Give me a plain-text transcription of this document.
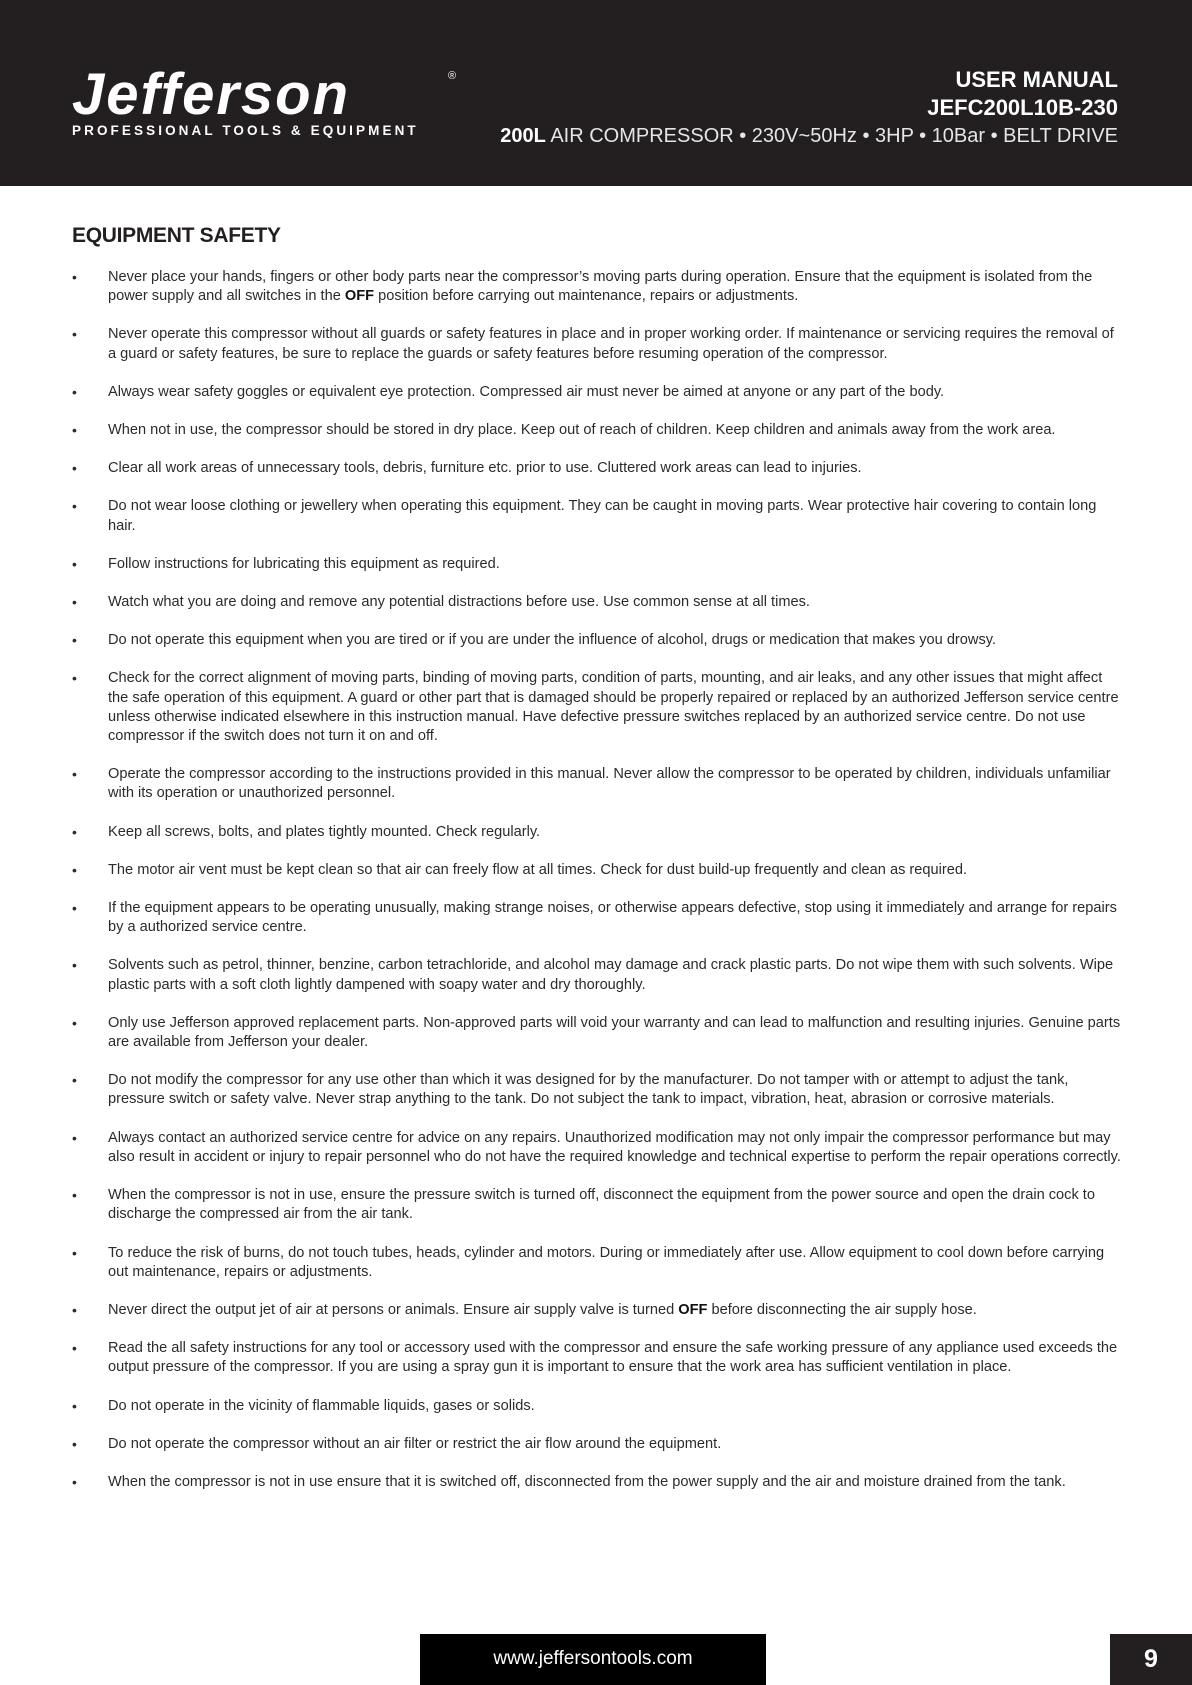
Jefferson	®
PROFESSIONAL TOOLS & EQUIPMENT
USER MANUAL
JEFC200L10B-230
200L AIR COMPRESSOR • 230V~50Hz • 3HP • 10Bar • BELT DRIVE
EQUIPMENT SAFETY
• Never place your hands, fingers or other body parts near the compressor’s moving parts during operation. Ensure that the equipment is isolated from the power supply and all switches in the OFF position before carrying out maintenance, repairs or adjustments.
• Never operate this compressor without all guards or safety features in place and in proper working order. If maintenance or servicing requires the removal of a guard or safety features, be sure to replace the guards or safety features before resuming operation of the compressor.
• Always wear safety goggles or equivalent eye protection. Compressed air must never be aimed at anyone or any part of the body.
• When not in use, the compressor should be stored in dry place. Keep out of reach of children. Keep children and animals away from the work area.
• Clear all work areas of unnecessary tools, debris, furniture etc. prior to use. Cluttered work areas can lead to injuries.
• Do not wear loose clothing or jewellery when operating this equipment. They can be caught in moving parts. Wear protective hair covering to contain long hair.
• Follow instructions for lubricating this equipment as required.
• Watch what you are doing and remove any potential distractions before use. Use common sense at all times.
• Do not operate this equipment when you are tired or if you are under the influence of alcohol, drugs or medication that makes you drowsy.
• Check for the correct alignment of moving parts, binding of moving parts, condition of parts, mounting, and air leaks, and any other issues that might affect the safe operation of this equipment. A guard or other part that is damaged should be properly repaired or replaced by an authorized Jefferson service centre unless otherwise indicated elsewhere in this instruction manual. Have defective pressure switches replaced by an authorized service centre. Do not use compressor if the switch does not turn it on and off.
• Operate the compressor according to the instructions provided in this manual. Never allow the compressor to be operated by children, individuals unfamiliar with its operation or unauthorized personnel.
• Keep all screws, bolts, and plates tightly mounted. Check regularly.
• The motor air vent must be kept clean so that air can freely flow at all times. Check for dust build-up frequently and clean as required.
• If the equipment appears to be operating unusually, making strange noises, or otherwise appears defective, stop using it immediately and arrange for repairs by a authorized service centre.
• Solvents such as petrol, thinner, benzine, carbon tetrachloride, and alcohol may damage and crack plastic parts. Do not wipe them with such solvents. Wipe plastic parts with a soft cloth lightly dampened with soapy water and dry thoroughly.
• Only use Jefferson approved replacement parts. Non-approved parts will void your warranty and can lead to malfunction and resulting injuries. Genuine parts are available from Jefferson your dealer.
• Do not modify the compressor for any use other than which it was designed for by the manufacturer. Do not tamper with or attempt to adjust the tank, pressure switch or safety valve. Never strap anything to the tank. Do not subject the tank to impact, vibration, heat, abrasion or corrosive materials.
• Always contact an authorized service centre for advice on any repairs. Unauthorized modification may not only impair the compressor performance but may also result in accident or injury to repair personnel who do not have the required knowledge and technical expertise to perform the repair operations correctly.
• When the compressor is not in use, ensure the pressure switch is turned off, disconnect the equipment from the power source and open the drain cock to discharge the compressed air from the air tank.
• To reduce the risk of burns, do not touch tubes, heads, cylinder and motors. During or immediately after use. Allow equipment to cool down before carrying out maintenance, repairs or adjustments.
• Never direct the output jet of air at persons or animals. Ensure air supply valve is turned OFF before disconnecting the air supply hose.
• Read the all safety instructions for any tool or accessory used with the compressor and ensure the safe working pressure of any appliance used exceeds the output pressure of the compressor. If you are using a spray gun it is important to ensure that the work area has sufficient ventilation in place.
• Do not operate in the vicinity of flammable liquids, gases or solids.
• Do not operate the compressor without an air filter or restrict the air flow around the equipment.
• When the compressor is not in use ensure that it is switched off, disconnected from the power supply and the air and moisture drained from the tank.
www.jeffersontools.com	9
